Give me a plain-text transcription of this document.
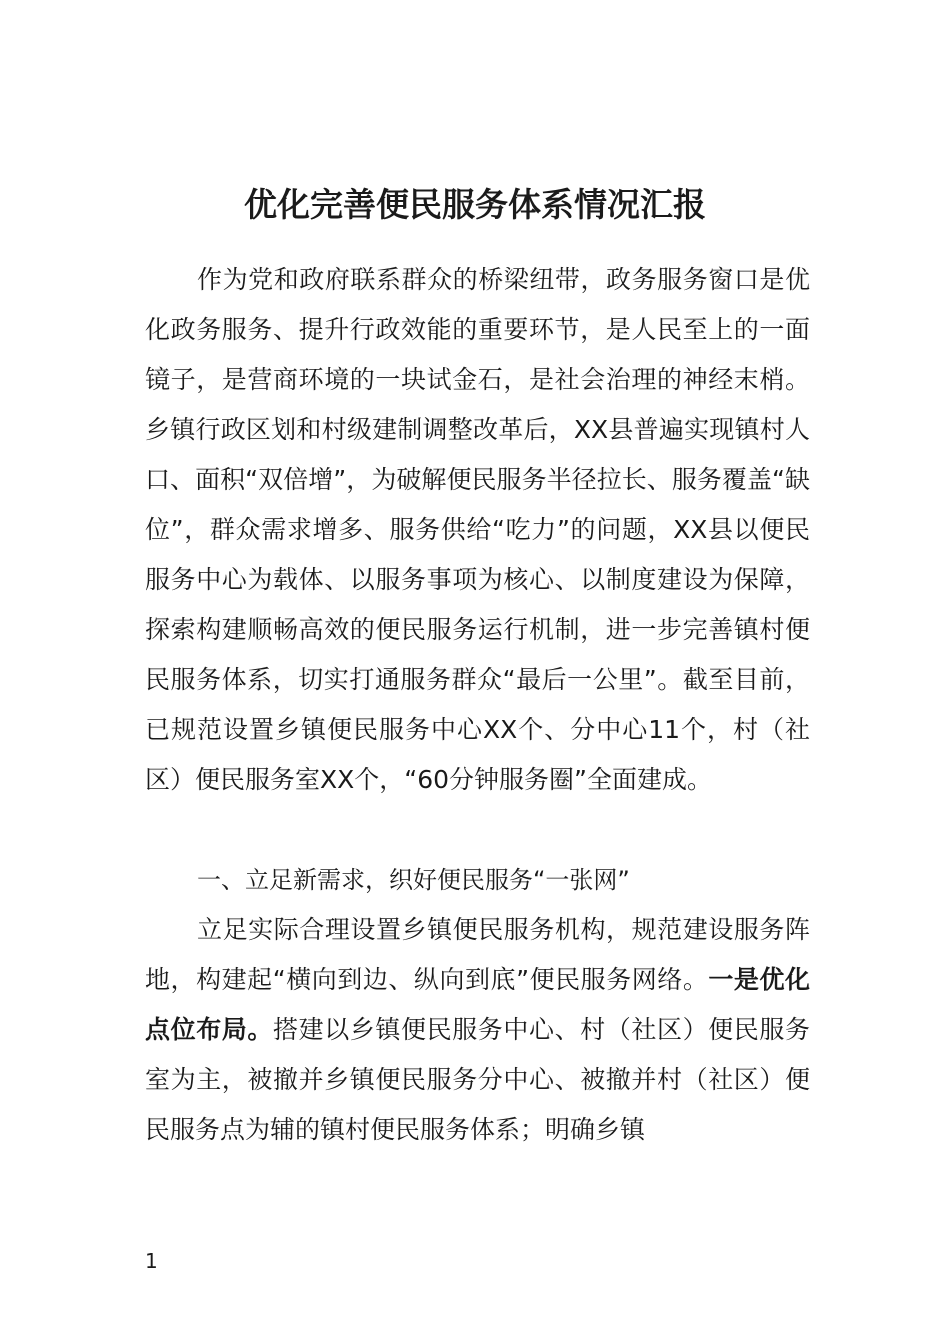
优化完善便民服务体系情况汇报

作为党和政府联系群众的桥梁纽带，政务服务窗口是优化政务服务、提升行政效能的重要环节，是人民至上的一面镜子，是营商环境的一块试金石，是社会治理的神经末梢。乡镇行政区划和村级建制调整改革后，XX县普遍实现镇村人口、面积“双倍增”，为破解便民服务半径拉长、服务覆盖“缺位”，群众需求增多、服务供给“吃力”的问题，XX县以便民服务中心为载体、以服务事项为核心、以制度建设为保障，探索构建顺畅高效的便民服务运行机制，进一步完善镇村便民服务体系，切实打通服务群众“最后一公里”。截至目前，已规范设置乡镇便民服务中心XX个、分中心11个，村（社区）便民服务室XX个，“60分钟服务圈”全面建成。

一、立足新需求，织好便民服务“一张网”

立足实际合理设置乡镇便民服务机构，规范建设服务阵地，构建起“横向到边、纵向到底”便民服务网络。一是优化点位布局。搭建以乡镇便民服务中心、村（社区）便民服务室为主，被撤并乡镇便民服务分中心、被撤并村（社区）便民服务点为辅的镇村便民服务体系；明确乡镇

1
